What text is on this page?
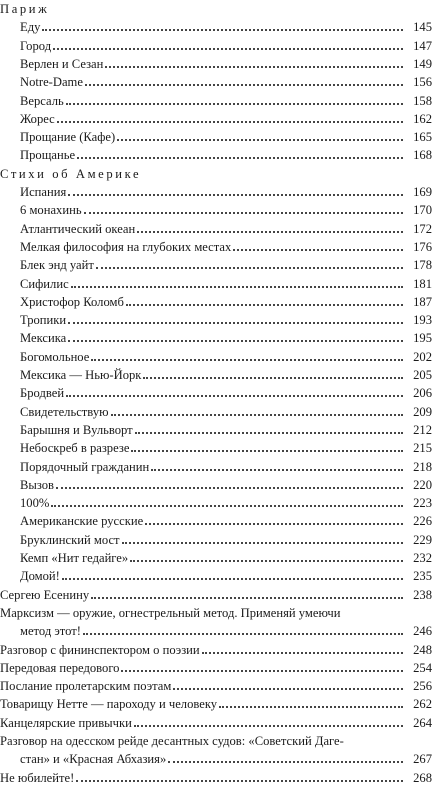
Париж
Еду	145
Город	147
Верлен и Сезан	149
Notre-Dame	156
Версаль	158
Жорес	162
Прощание (Кафе)	165
Прощанье	168
Стихи об Америке
Испания	169
6 монахинь	170
Атлантический океан	172
Мелкая философия на глубоких местах	176
Блек энд уайт	178
Сифилис	181
Христофор Коломб	187
Тропики	193
Мексика	195
Богомольное	202
Мексика — Нью-Йорк	205
Бродвей	206
Свидетельствую	209
Барышня и Вульворт	212
Небоскреб в разрезе	215
Порядочный гражданин	218
Вызов	220
100%	223
Американские русские	226
Бруклинский мост	229
Кемп «Нит гедайге»	232
Домой!	235
Сергею Есенину	238
Марксизм — оружие, огнестрельный метод. Применяй умеючи
метод этот!	246
Разговор с фининспектором о поэзии	248
Передовая передового	254
Послание пролетарским поэтам	256
Товарищу Нетте — пароходу и человеку	262
Канцелярские привычки	264
Разговор на одесском рейде десантных судов: «Советский Даге-
стан» и «Красная Абхазия»	267
Не юбилейте!	268
